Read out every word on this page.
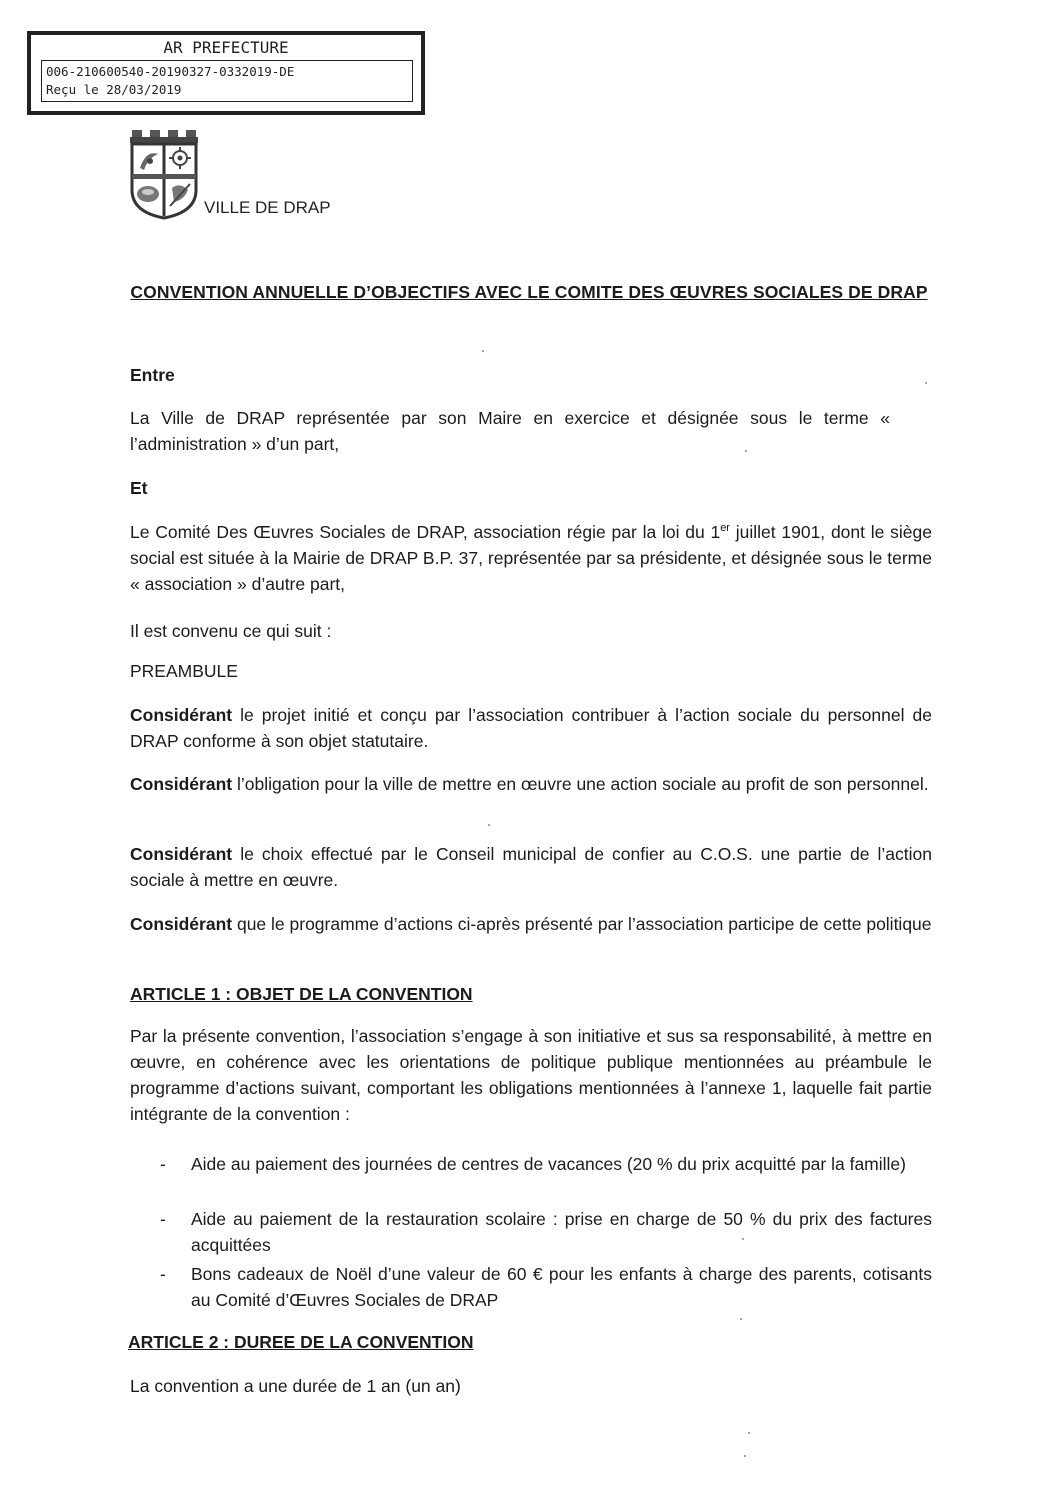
AR PREFECTURE
006-210600540-20190327-0332019-DE
Reçu le 28/03/2019
VILLE DE DRAP
CONVENTION ANNUELLE D’OBJECTIFS AVEC LE COMITE DES ŒUVRES SOCIALES DE DRAP
Entre
La Ville de DRAP représentée par son Maire en exercice et désignée sous le terme « l’administration » d’un part,
Et
Le Comité Des Œuvres Sociales de DRAP, association régie par la loi du 1er juillet 1901, dont le siège social est située à la Mairie de DRAP B.P. 37, représentée par sa présidente, et désignée sous le terme « association » d’autre part,
Il est convenu ce qui suit :
PREAMBULE
Considérant le projet initié et conçu par l’association contribuer à l’action sociale du personnel de DRAP conforme à son objet statutaire.
Considérant l’obligation pour la ville de mettre en œuvre une action sociale au profit de son personnel.
Considérant le choix effectué par le Conseil municipal de confier au C.O.S. une partie de l’action sociale à mettre en œuvre.
Considérant que le programme d’actions ci-après présenté par l’association participe de cette politique
ARTICLE 1 : OBJET DE LA CONVENTION
Par la présente convention, l’association s’engage à son initiative et sus sa responsabilité, à mettre en œuvre, en cohérence avec les orientations de politique publique mentionnées au préambule le programme d’actions suivant, comportant les obligations mentionnées à l’annexe 1, laquelle fait partie intégrante de la convention :
- Aide au paiement des journées de centres de vacances (20 % du prix acquitté par la famille)
- Aide au paiement de la restauration scolaire : prise en charge de 50 % du prix des factures acquittées
- Bons cadeaux de Noël d’une valeur de 60 € pour les enfants à charge des parents, cotisants au Comité d’Œuvres Sociales de DRAP
ARTICLE 2 : DUREE DE LA CONVENTION
La convention a une durée de 1 an (un an)
